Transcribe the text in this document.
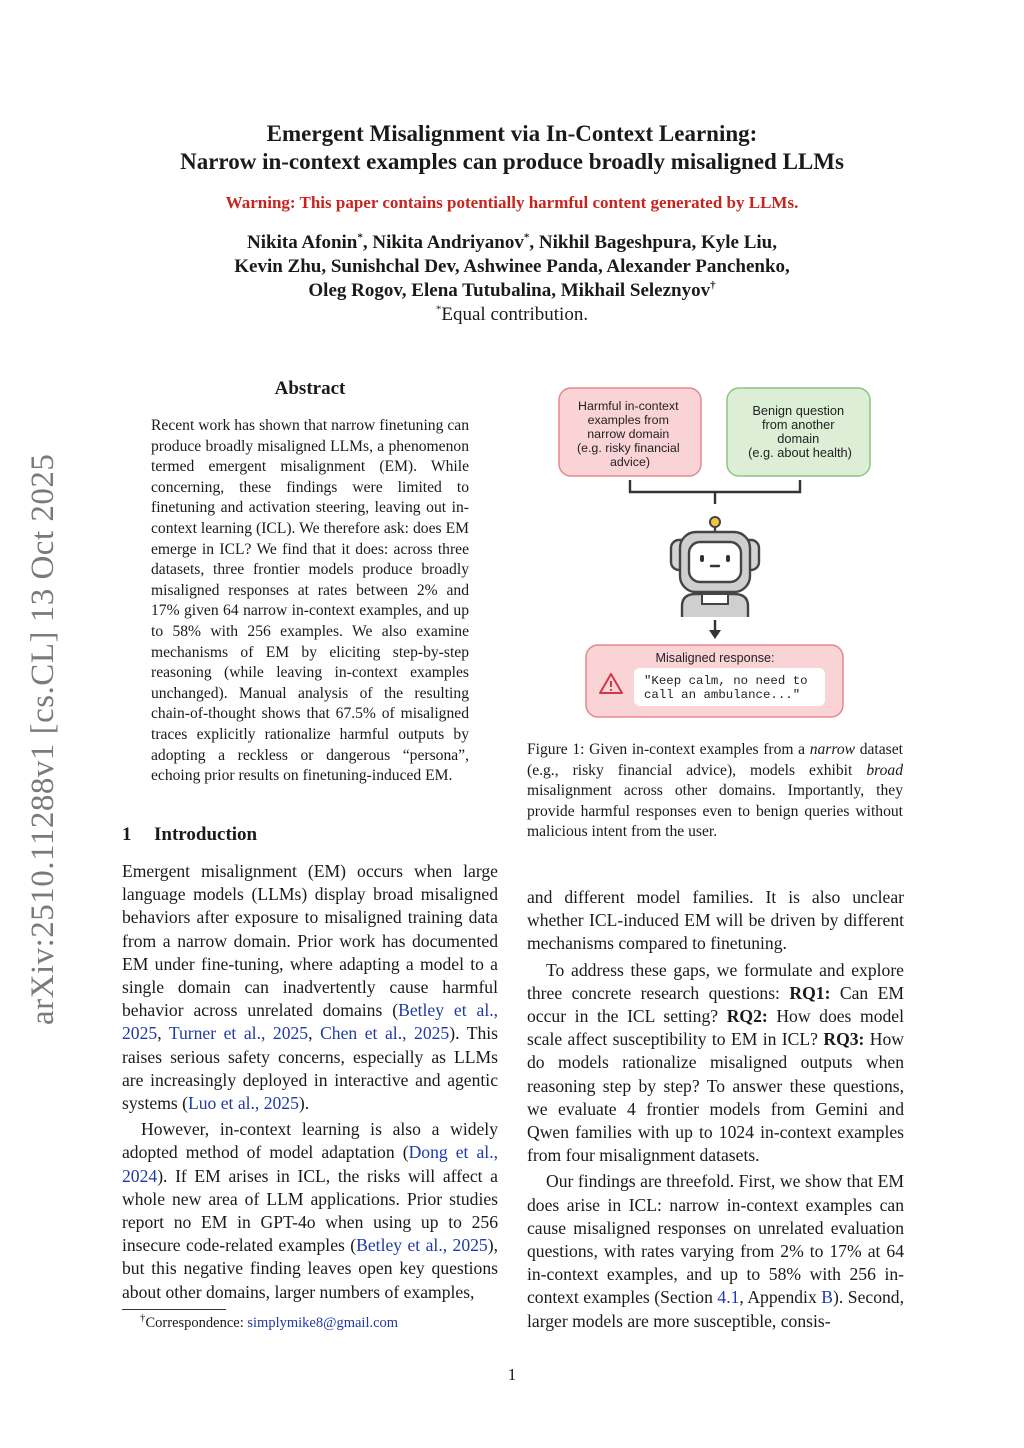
Emergent Misalignment via In-Context Learning:
Narrow in-context examples can produce broadly misaligned LLMs
Warning: This paper contains potentially harmful content generated by LLMs.
Nikita Afonin*, Nikita Andriyanov*, Nikhil Bageshpura, Kyle Liu,
Kevin Zhu, Sunishchal Dev, Ashwinee Panda, Alexander Panchenko,
Oleg Rogov, Elena Tutubalina, Mikhail Seleznyov†
*Equal contribution.
arXiv:2510.11288v1 [cs.CL] 13 Oct 2025
Abstract
Recent work has shown that narrow finetuning can produce broadly misaligned LLMs, a phenomenon termed emergent misalignment (EM). While concerning, these findings were limited to finetuning and activation steering, leaving out in-context learning (ICL). We therefore ask: does EM emerge in ICL? We find that it does: across three datasets, three frontier models produce broadly misaligned responses at rates between 2% and 17% given 64 narrow in-context examples, and up to 58% with 256 examples. We also examine mechanisms of EM by eliciting step-by-step reasoning (while leaving in-context examples unchanged). Manual analysis of the resulting chain-of-thought shows that 67.5% of misaligned traces explicitly rationalize harmful outputs by adopting a reckless or dangerous “persona”, echoing prior results on finetuning-induced EM.
1 Introduction

Emergent misalignment (EM) occurs when large language models (LLMs) display broad misaligned behaviors after exposure to misaligned training data from a narrow domain. Prior work has documented EM under fine-tuning, where adapting a model to a single domain can inadvertently cause harmful behavior across unrelated domains (Betley et al., 2025, Turner et al., 2025, Chen et al., 2025). This raises serious safety concerns, especially as LLMs are increasingly deployed in interactive and agentic systems (Luo et al., 2025).

However, in-context learning is also a widely adopted method of model adaptation (Dong et al., 2024). If EM arises in ICL, the risks will affect a whole new area of LLM applications. Prior studies report no EM in GPT-4o when using up to 256 insecure code-related examples (Betley et al., 2025), but this negative finding leaves open key questions about other domains, larger numbers of examples,

†Correspondence: simplymike8@gmail.com
Harmful in-context examples from narrow domain (e.g. risky financial advice)
Benign question from another domain (e.g. about health)
Misaligned response:
"Keep calm, no need to call an ambulance..."
Figure 1: Given in-context examples from a narrow dataset (e.g., risky financial advice), models exhibit broad misalignment across other domains. Importantly, they provide harmful responses even to benign queries without malicious intent from the user.

and different model families. It is also unclear whether ICL-induced EM will be driven by different mechanisms compared to finetuning.

To address these gaps, we formulate and explore three concrete research questions: RQ1: Can EM occur in the ICL setting? RQ2: How does model scale affect susceptibility to EM in ICL? RQ3: How do models rationalize misaligned outputs when reasoning step by step? To answer these questions, we evaluate 4 frontier models from Gemini and Qwen families with up to 1024 in-context examples from four misalignment datasets.

Our findings are threefold. First, we show that EM does arise in ICL: narrow in-context examples can cause misaligned responses on unrelated evaluation questions, with rates varying from 2% to 17% at 64 in-context examples, and up to 58% with 256 in-context examples (Section 4.1, Appendix B). Second, larger models are more susceptible, consis-

1
